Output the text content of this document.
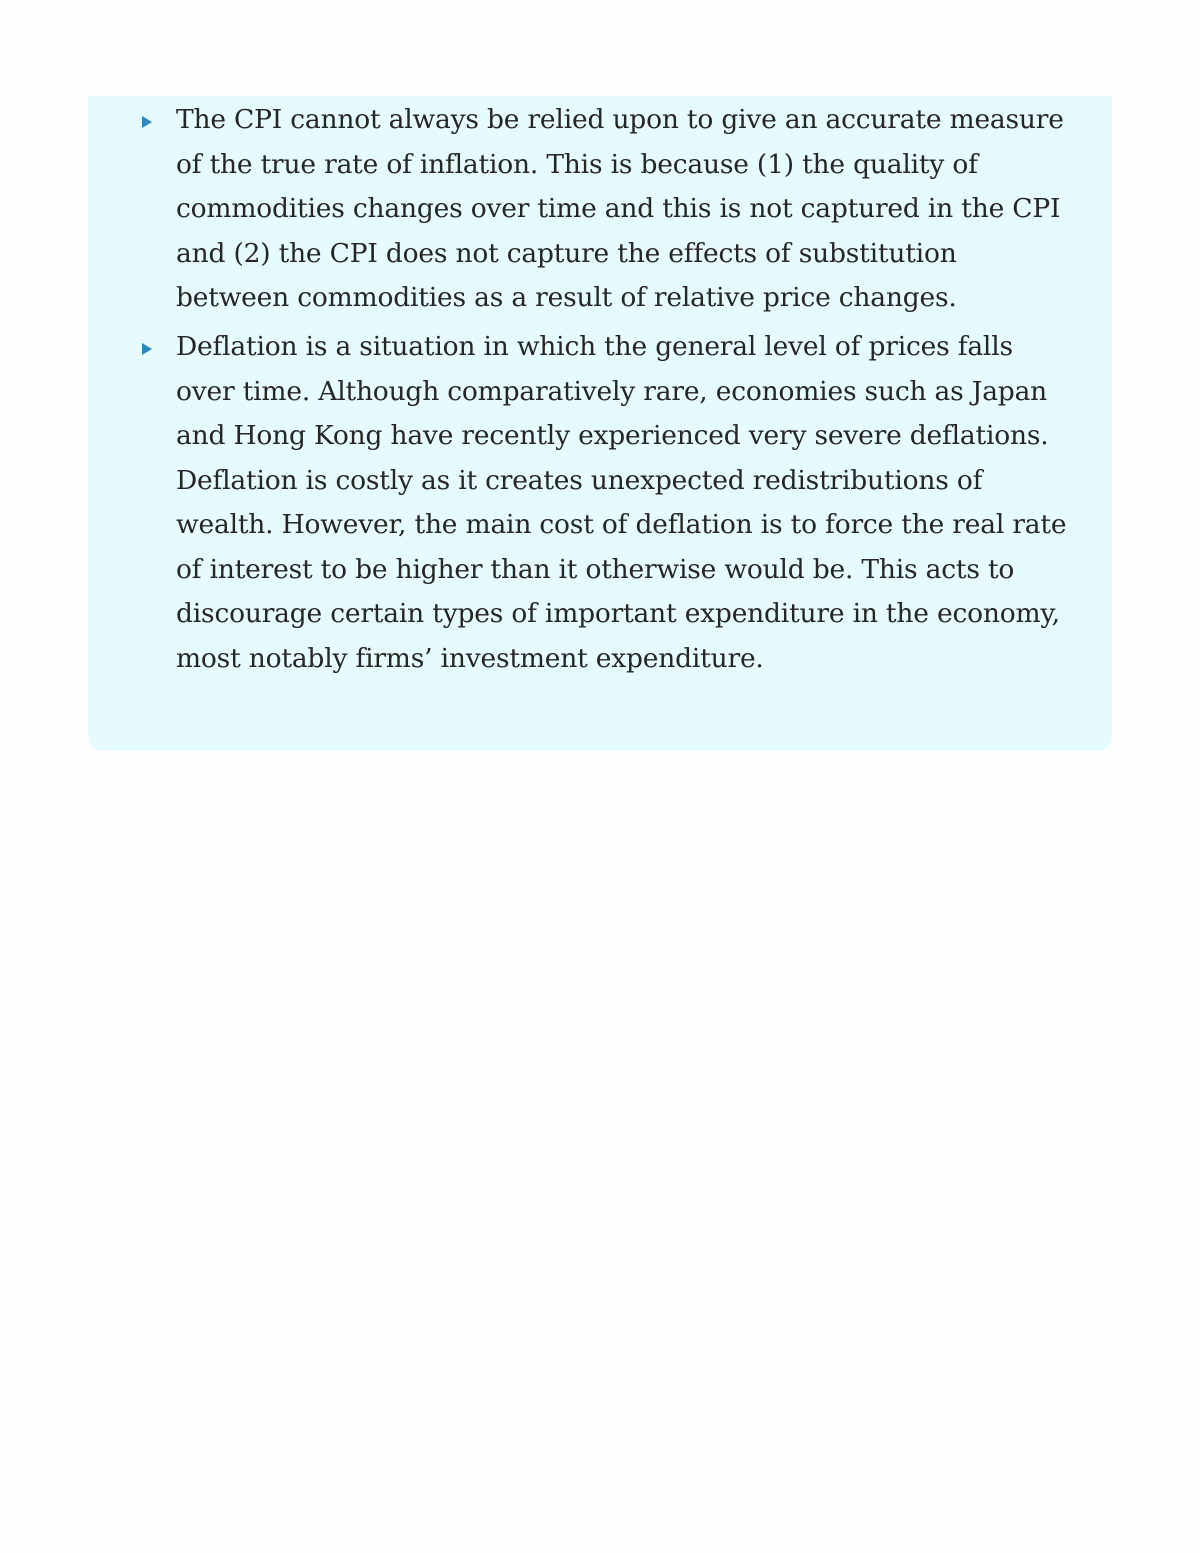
The CPI cannot always be relied upon to give an accurate measure of the true rate of inflation. This is because (1) the quality of commodities changes over time and this is not captured in the CPI and (2) the CPI does not capture the effects of substitution between commodities as a result of relative price changes.
Deflation is a situation in which the general level of prices falls over time. Although comparatively rare, economies such as Japan and Hong Kong have recently experienced very severe deflations. Deflation is costly as it creates unexpected redistributions of wealth. However, the main cost of deflation is to force the real rate of interest to be higher than it otherwise would be. This acts to discourage certain types of important expenditure in the economy, most notably firms’ investment expenditure.
